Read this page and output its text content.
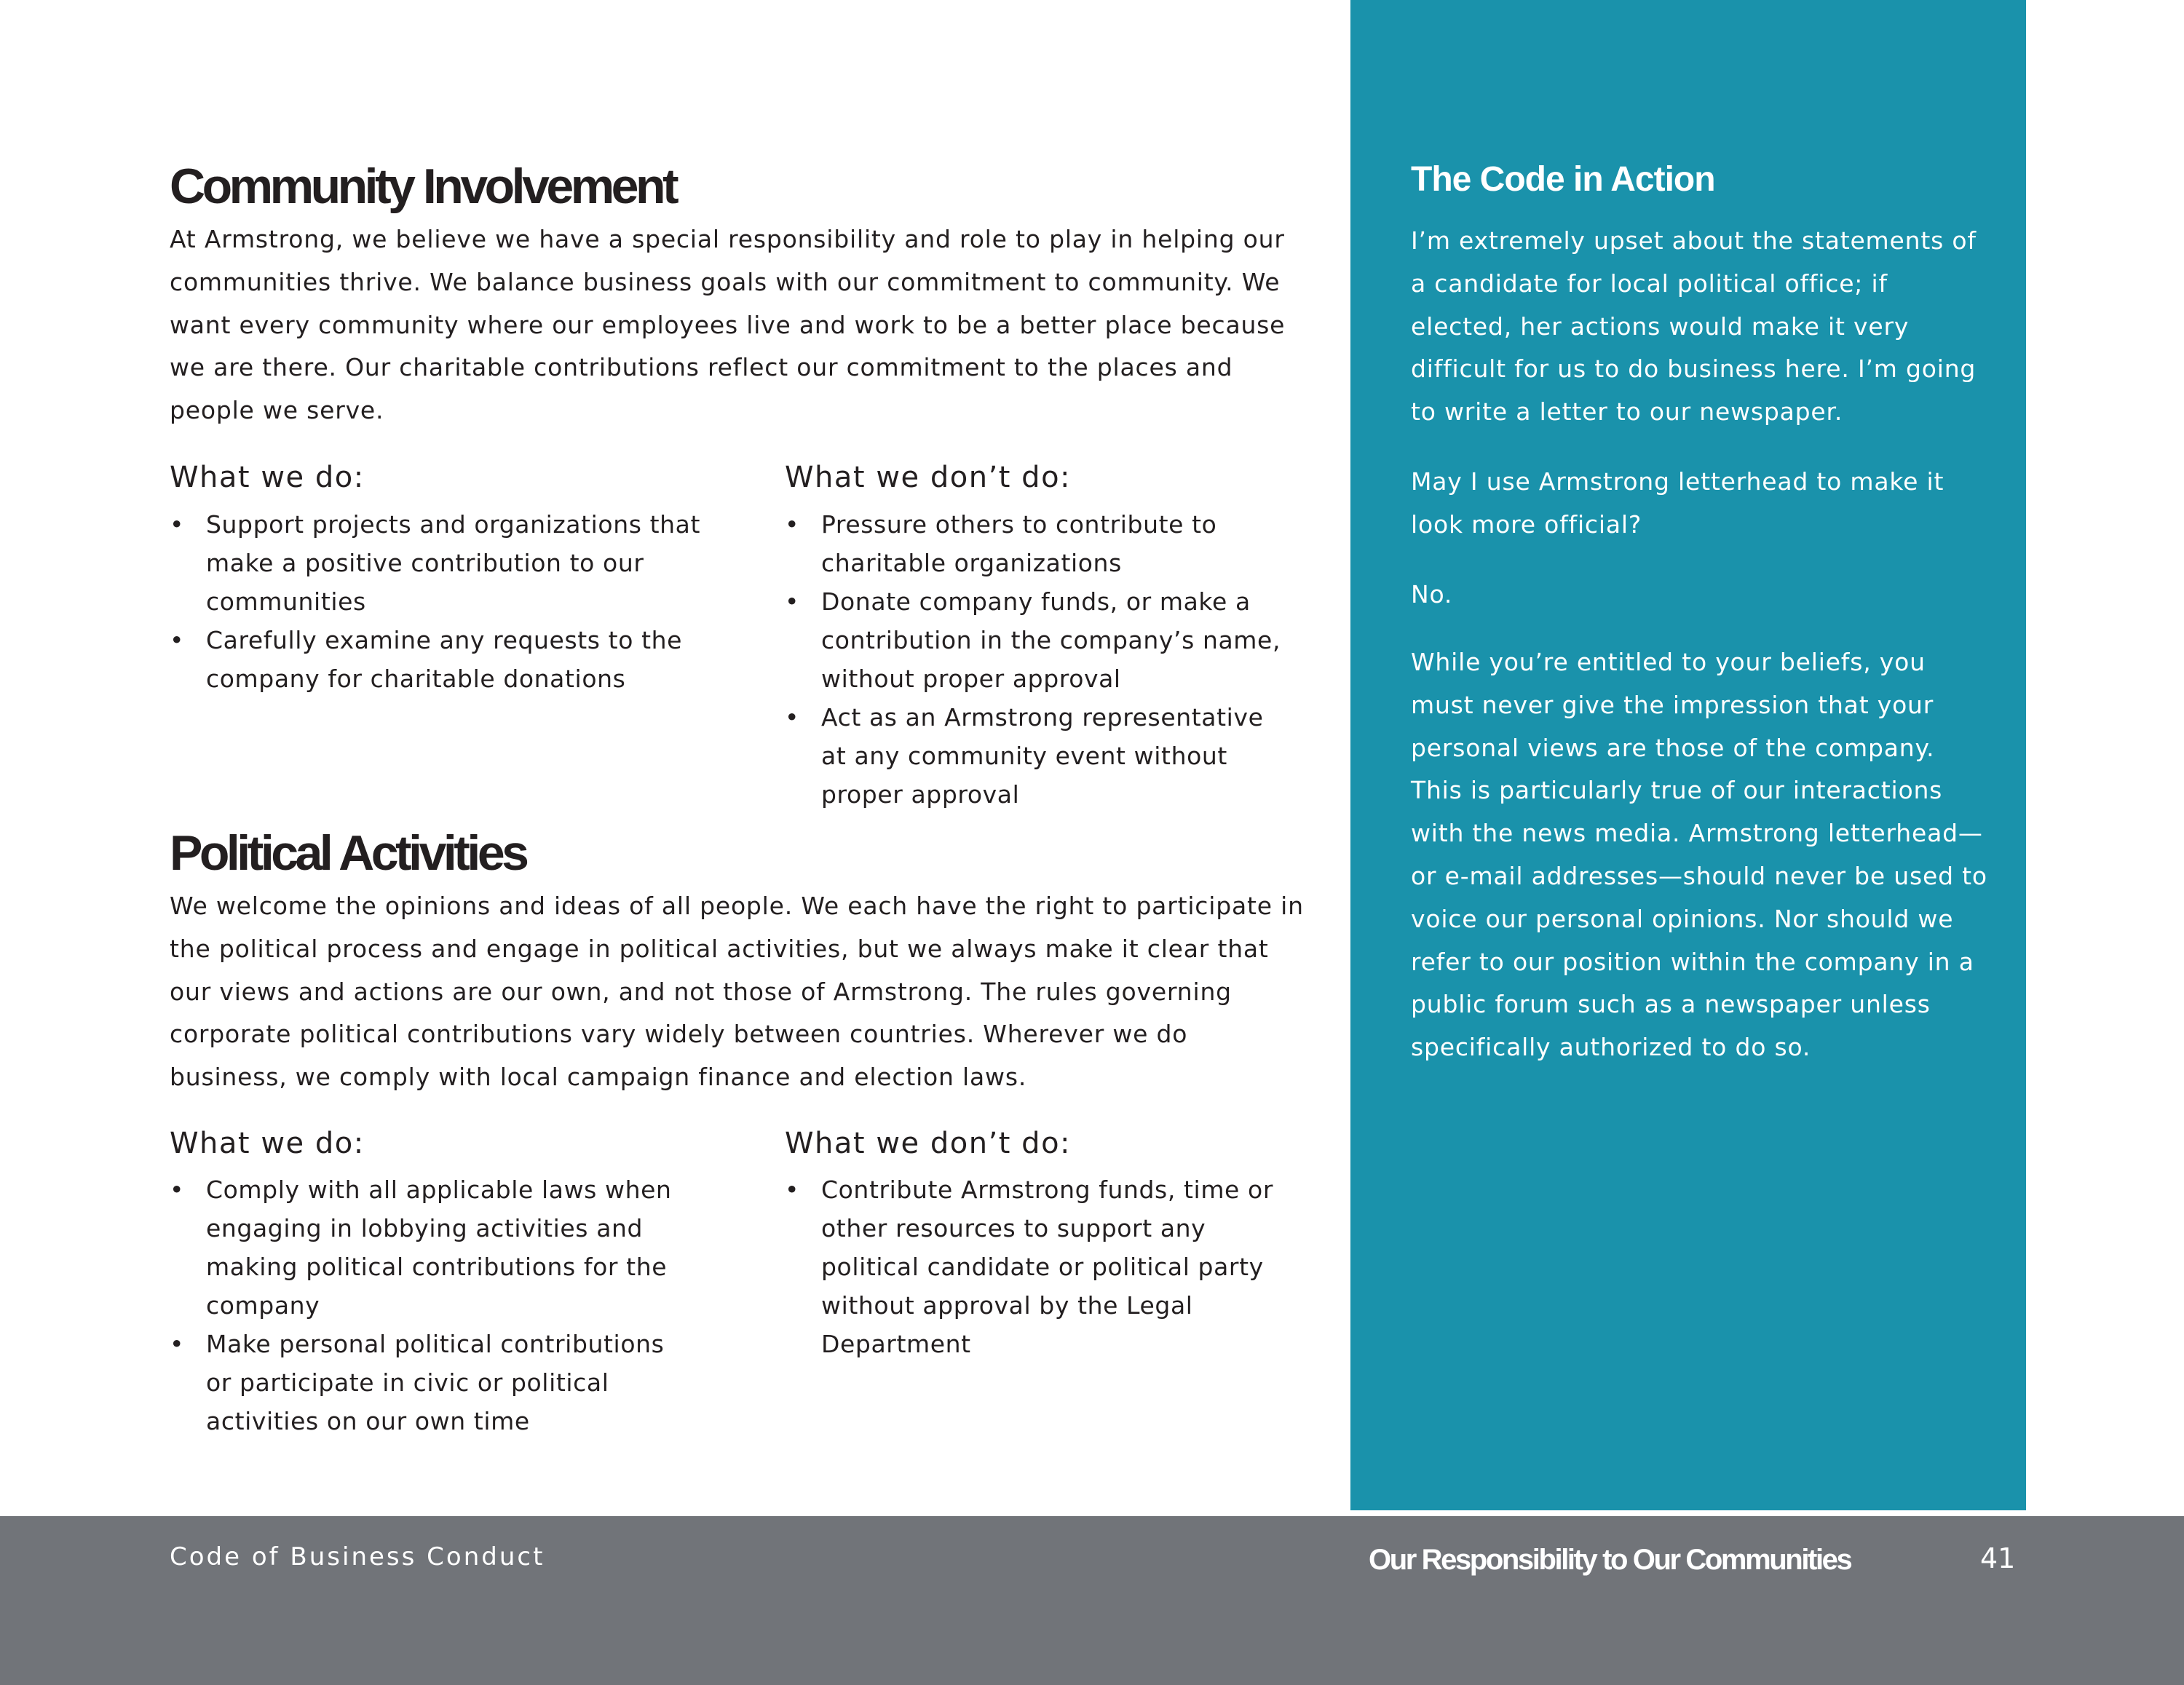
Community Involvement

At Armstrong, we believe we have a special responsibility and role to play in helping our communities thrive. We balance business goals with our commitment to community. We want every community where our employees live and work to be a better place because we are there. Our charitable contributions reflect our commitment to the places and people we serve.

What we do:
• Support projects and organizations that make a positive contribution to our communities
• Carefully examine any requests to the company for charitable donations
What we don’t do:
• Pressure others to contribute to charitable organizations
• Donate company funds, or make a contribution in the company’s name, without proper approval
• Act as an Armstrong representative at any community event without proper approval
Political Activities

We welcome the opinions and ideas of all people. We each have the right to participate in the political process and engage in political activities, but we always make it clear that our views and actions are our own, and not those of Armstrong. The rules governing corporate political contributions vary widely between countries. Wherever we do business, we comply with local campaign finance and election laws.

What we do:
• Comply with all applicable laws when engaging in lobbying activities and making political contributions for the company
• Make personal political contributions or participate in civic or political activities on our own time
What we don’t do:
• Contribute Armstrong funds, time or other resources to support any political candidate or political party without approval by the Legal Department
The Code in Action

I’m extremely upset about the statements of a candidate for local political office; if elected, her actions would make it very difficult for us to do business here. I’m going to write a letter to our newspaper.

May I use Armstrong letterhead to make it look more official?

No.

While you’re entitled to your beliefs, you must never give the impression that your personal views are those of the company. This is particularly true of our interactions with the news media. Armstrong letterhead—or e-mail addresses—should never be used to voice our personal opinions. Nor should we refer to our position within the company in a public forum such as a newspaper unless specifically authorized to do so.

Code of Business Conduct	Our Responsibility to Our Communities	41
